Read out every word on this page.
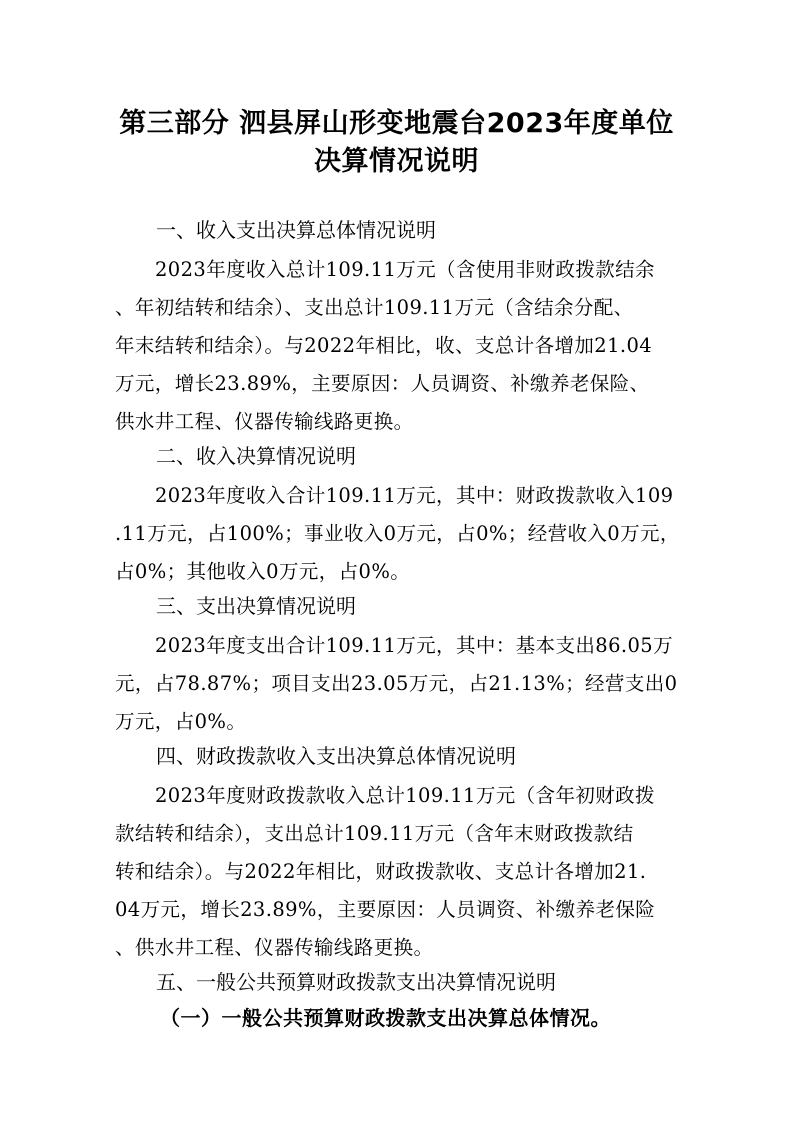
第三部分 泗县屏山形变地震台2023年度单位
决算情况说明
一、收入支出决算总体情况说明
2023年度收入总计109.11万元（含使用非财政拨款结余
、年初结转和结余）、支出总计109.11万元（含结余分配、
年末结转和结余）。与2022年相比，收、支总计各增加21.04
万元，增长23.89%，主要原因：人员调资、补缴养老保险、
供水井工程、仪器传输线路更换。
二、收入决算情况说明
2023年度收入合计109.11万元，其中：财政拨款收入109
.11万元，占100%；事业收入0万元，占0%；经营收入0万元，
占0%；其他收入0万元，占0%。
三、支出决算情况说明
2023年度支出合计109.11万元，其中：基本支出86.05万
元，占78.87%；项目支出23.05万元，占21.13%；经营支出0
万元，占0%。
四、财政拨款收入支出决算总体情况说明
2023年度财政拨款收入总计109.11万元（含年初财政拨
款结转和结余），支出总计109.11万元（含年末财政拨款结
转和结余）。与2022年相比，财政拨款收、支总计各增加21.
04万元，增长23.89%，主要原因：人员调资、补缴养老保险
、供水井工程、仪器传输线路更换。
五、一般公共预算财政拨款支出决算情况说明
（一）一般公共预算财政拨款支出决算总体情况。
